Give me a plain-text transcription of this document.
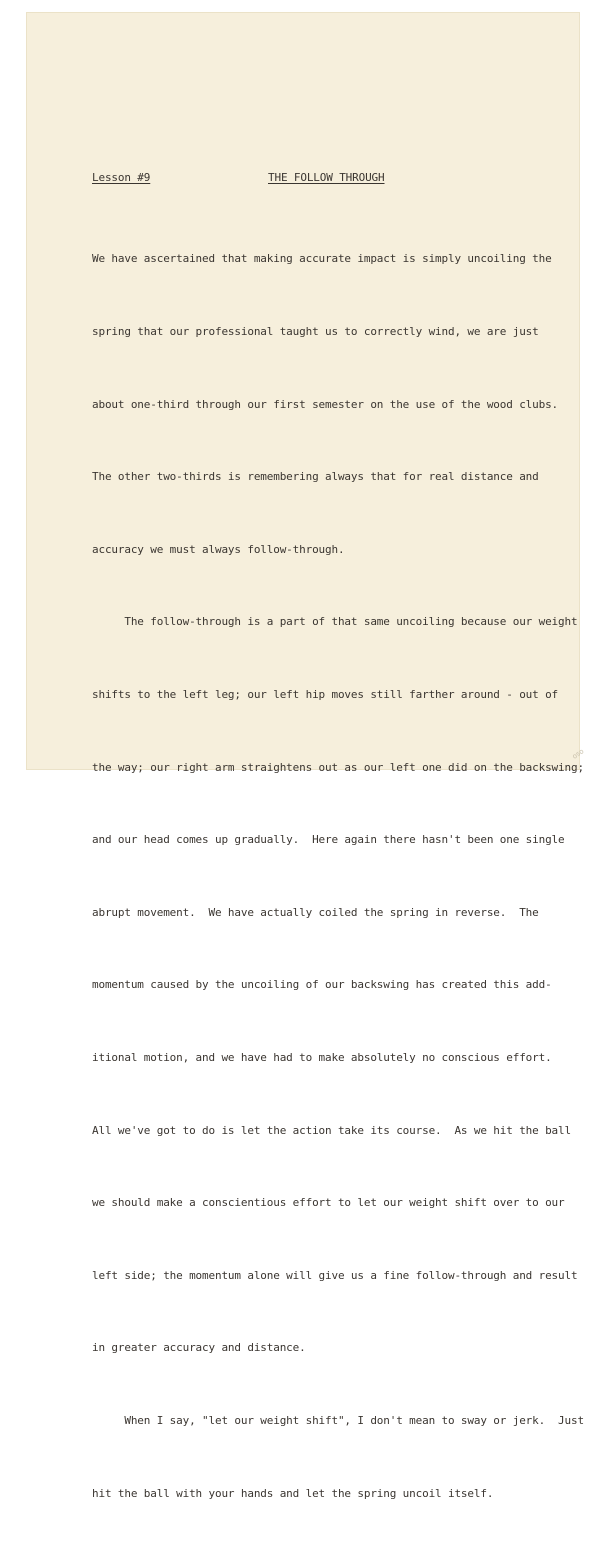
Lesson #9

	THE FOLLOW THROUGH

We have ascertained that making accurate impact is simply uncoiling the

spring that our professional taught us to correctly wind, we are just

about one-third through our first semester on the use of the wood clubs.

The other two-thirds is remembering always that for real distance and

accuracy we must always follow-through.

The follow-through is a part of that same uncoiling because our weight

shifts to the left leg; our left hip moves still farther around - out of

the way; our right arm straightens out as our left one did on the backswing;

and our head comes up gradually.  Here again there hasn't been one single

abrupt movement.  We have actually coiled the spring in reverse.  The

momentum caused by the uncoiling of our backswing has created this add-

itional motion, and we have had to make absolutely no conscious effort.

All we've got to do is let the action take its course.  As we hit the ball

we should make a conscientious effort to let our weight shift over to our

left side; the momentum alone will give us a fine follow-through and result

in greater accuracy and distance.

When I say, "let our weight shift", I don't mean to sway or jerk.  Just

hit the ball with your hands and let the spring uncoil itself.

oso
